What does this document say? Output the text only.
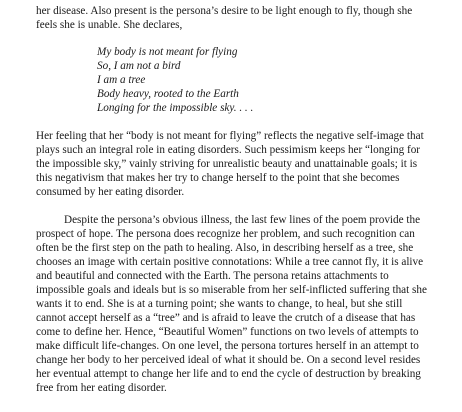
her disease. Also present is the persona’s desire to be light enough to fly, though she
feels she is unable. She declares,

My body is not meant for flying
So, I am not a bird
I am a tree
Body heavy, rooted to the Earth
Longing for the impossible sky. . . .

Her feeling that her “body is not meant for flying” reflects the negative self-image that
plays such an integral role in eating disorders. Such pessimism keeps her “longing for
the impossible sky,” vainly striving for unrealistic beauty and unattainable goals; it is
this negativism that makes her try to change herself to the point that she becomes
consumed by her eating disorder.

Despite the persona’s obvious illness, the last few lines of the poem provide the
prospect of hope. The persona does recognize her problem, and such recognition can
often be the first step on the path to healing. Also, in describing herself as a tree, she
chooses an image with certain positive connotations: While a tree cannot fly, it is alive
and beautiful and connected with the Earth. The persona retains attachments to
impossible goals and ideals but is so miserable from her self-inflicted suffering that she
wants it to end. She is at a turning point; she wants to change, to heal, but she still
cannot accept herself as a “tree” and is afraid to leave the crutch of a disease that has
come to define her. Hence, “Beautiful Women” functions on two levels of attempts to
make difficult life-changes. On one level, the persona tortures herself in an attempt to
change her body to her perceived ideal of what it should be. On a second level resides
her eventual attempt to change her life and to end the cycle of destruction by breaking
free from her eating disorder.
